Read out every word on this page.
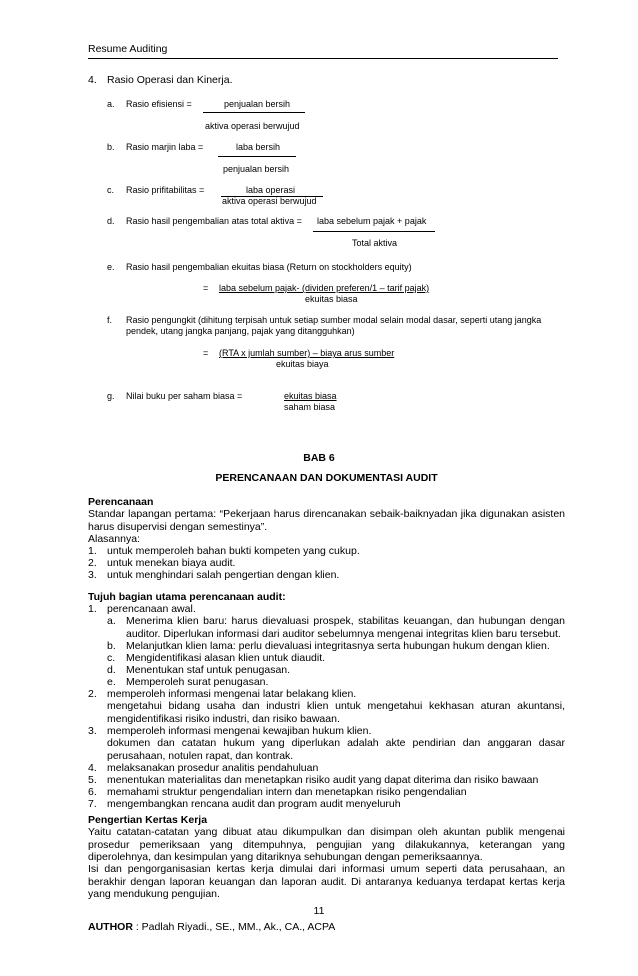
Resume Auditing
4. Rasio Operasi dan Kinerja.
a. Rasio efisiensi =	penjualan bersih
aktiva operasi berwujud
b. Rasio marjin laba =	laba bersih
penjualan bersih
c. Rasio prifitabilitas =	laba operasi
aktiva operasi berwujud
d. Rasio hasil pengembalian atas total aktiva = laba sebelum pajak + pajak
Total aktiva
e. Rasio hasil pengembalian ekuitas biasa (Return on stockholders equity)
= laba sebelum pajak- (dividen preferen/1 – tarif pajak)
ekuitas biasa
f. Rasio pengungkit (dihitung terpisah untuk setiap sumber modal selain modal dasar, seperti utang jangka
pendek, utang jangka panjang, pajak yang ditangguhkan)
= (RTA x jumlah sumber) – biaya arus sumber
ekuitas biaya
g. Nilai buku per saham biasa =	ekuitas biasa
saham biasa
BAB 6
PERENCANAAN DAN DOKUMENTASI AUDIT
Perencanaan
Standar lapangan pertama: “Pekerjaan harus direncanakan sebaik-baiknyadan jika digunakan asisten harus disupervisi dengan semestinya”.
Alasannya:
1. untuk memperoleh bahan bukti kompeten yang cukup.
2. untuk menekan biaya audit.
3. untuk menghindari salah pengertian dengan klien.
Tujuh bagian utama perencanaan audit:
1. perencanaan awal.
a. Menerima klien baru: harus dievaluasi prospek, stabilitas keuangan, dan hubungan dengan auditor. Diperlukan informasi dari auditor sebelumnya mengenai integritas klien baru tersebut.
b. Melanjutkan klien lama: perlu dievaluasi integritasnya serta hubungan hukum dengan klien.
c. Mengidentifikasi alasan klien untuk diaudit.
d. Menentukan staf untuk penugasan.
e. Memperoleh surat penugasan.
2. memperoleh informasi mengenai latar belakang klien.
mengetahui bidang usaha dan industri klien untuk mengetahui kekhasan aturan akuntansi, mengidentifikasi risiko industri, dan risiko bawaan.
3. memperoleh informasi mengenai kewajiban hukum klien.
dokumen dan catatan hukum yang diperlukan adalah akte pendirian dan anggaran dasar perusahaan, notulen rapat, dan kontrak.
4. melaksanakan prosedur analitis pendahuluan
5. menentukan materialitas dan menetapkan risiko audit yang dapat diterima dan risiko bawaan
6. memahami struktur pengendalian intern dan menetapkan risiko pengendalian
7. mengembangkan rencana audit dan program audit menyeluruh
Pengertian Kertas Kerja
Yaitu catatan-catatan yang dibuat atau dikumpulkan dan disimpan oleh akuntan publik mengenai prosedur pemeriksaan yang ditempuhnya, pengujian yang dilakukannya, keterangan yang diperolehnya, dan kesimpulan yang ditariknya sehubungan dengan pemeriksaannya.
Isi dan pengorganisasian kertas kerja dimulai dari informasi umum seperti data perusahaan, an berakhir dengan laporan keuangan dan laporan audit. Di antaranya keduanya terdapat kertas kerja yang mendukung pengujian.
11
AUTHOR : Padlah Riyadi., SE., MM., Ak., CA., ACPA
